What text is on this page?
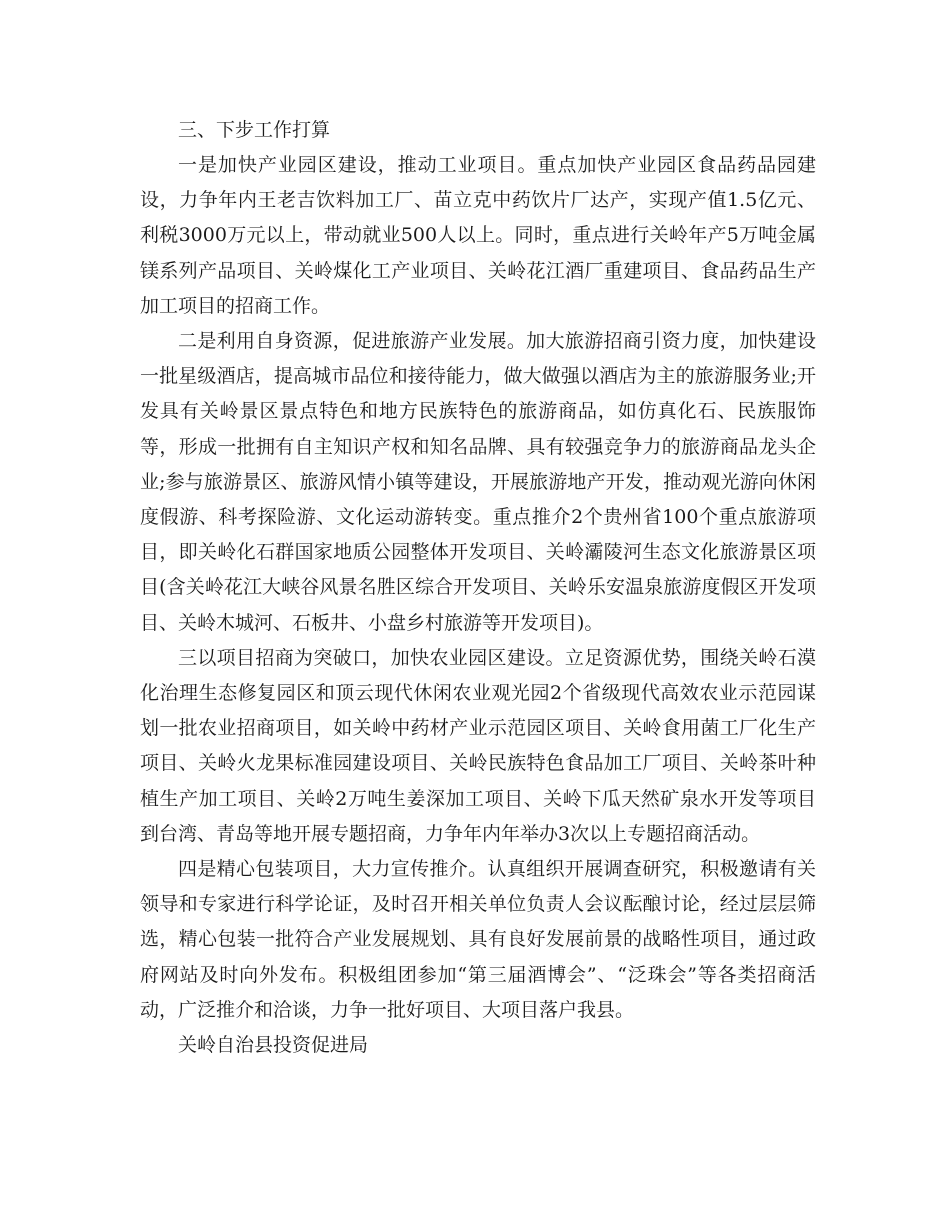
三、下步工作打算

一是加快产业园区建设，推动工业项目。重点加快产业园区食品药品园建设，力争年内王老吉饮料加工厂、苗立克中药饮片厂达产，实现产值1.5亿元、利税3000万元以上，带动就业500人以上。同时，重点进行关岭年产5万吨金属镁系列产品项目、关岭煤化工产业项目、关岭花江酒厂重建项目、食品药品生产加工项目的招商工作。

二是利用自身资源，促进旅游产业发展。加大旅游招商引资力度，加快建设一批星级酒店，提高城市品位和接待能力，做大做强以酒店为主的旅游服务业;开发具有关岭景区景点特色和地方民族特色的旅游商品，如仿真化石、民族服饰等，形成一批拥有自主知识产权和知名品牌、具有较强竞争力的旅游商品龙头企业;参与旅游景区、旅游风情小镇等建设，开展旅游地产开发，推动观光游向休闲度假游、科考探险游、文化运动游转变。重点推介2个贵州省100个重点旅游项目，即关岭化石群国家地质公园整体开发项目、关岭灞陵河生态文化旅游景区项目(含关岭花江大峡谷风景名胜区综合开发项目、关岭乐安温泉旅游度假区开发项目、关岭木城河、石板井、小盘乡村旅游等开发项目)。

三以项目招商为突破口，加快农业园区建设。立足资源优势，围绕关岭石漠化治理生态修复园区和顶云现代休闲农业观光园2个省级现代高效农业示范园谋划一批农业招商项目，如关岭中药材产业示范园区项目、关岭食用菌工厂化生产项目、关岭火龙果标准园建设项目、关岭民族特色食品加工厂项目、关岭茶叶种植生产加工项目、关岭2万吨生姜深加工项目、关岭下瓜天然矿泉水开发等项目到台湾、青岛等地开展专题招商，力争年内年举办3次以上专题招商活动。

四是精心包装项目，大力宣传推介。认真组织开展调查研究，积极邀请有关领导和专家进行科学论证，及时召开相关单位负责人会议酝酿讨论，经过层层筛选，精心包装一批符合产业发展规划、具有良好发展前景的战略性项目，通过政府网站及时向外发布。积极组团参加“第三届酒博会”、“泛珠会”等各类招商活动，广泛推介和洽谈，力争一批好项目、大项目落户我县。

关岭自治县投资促进局
